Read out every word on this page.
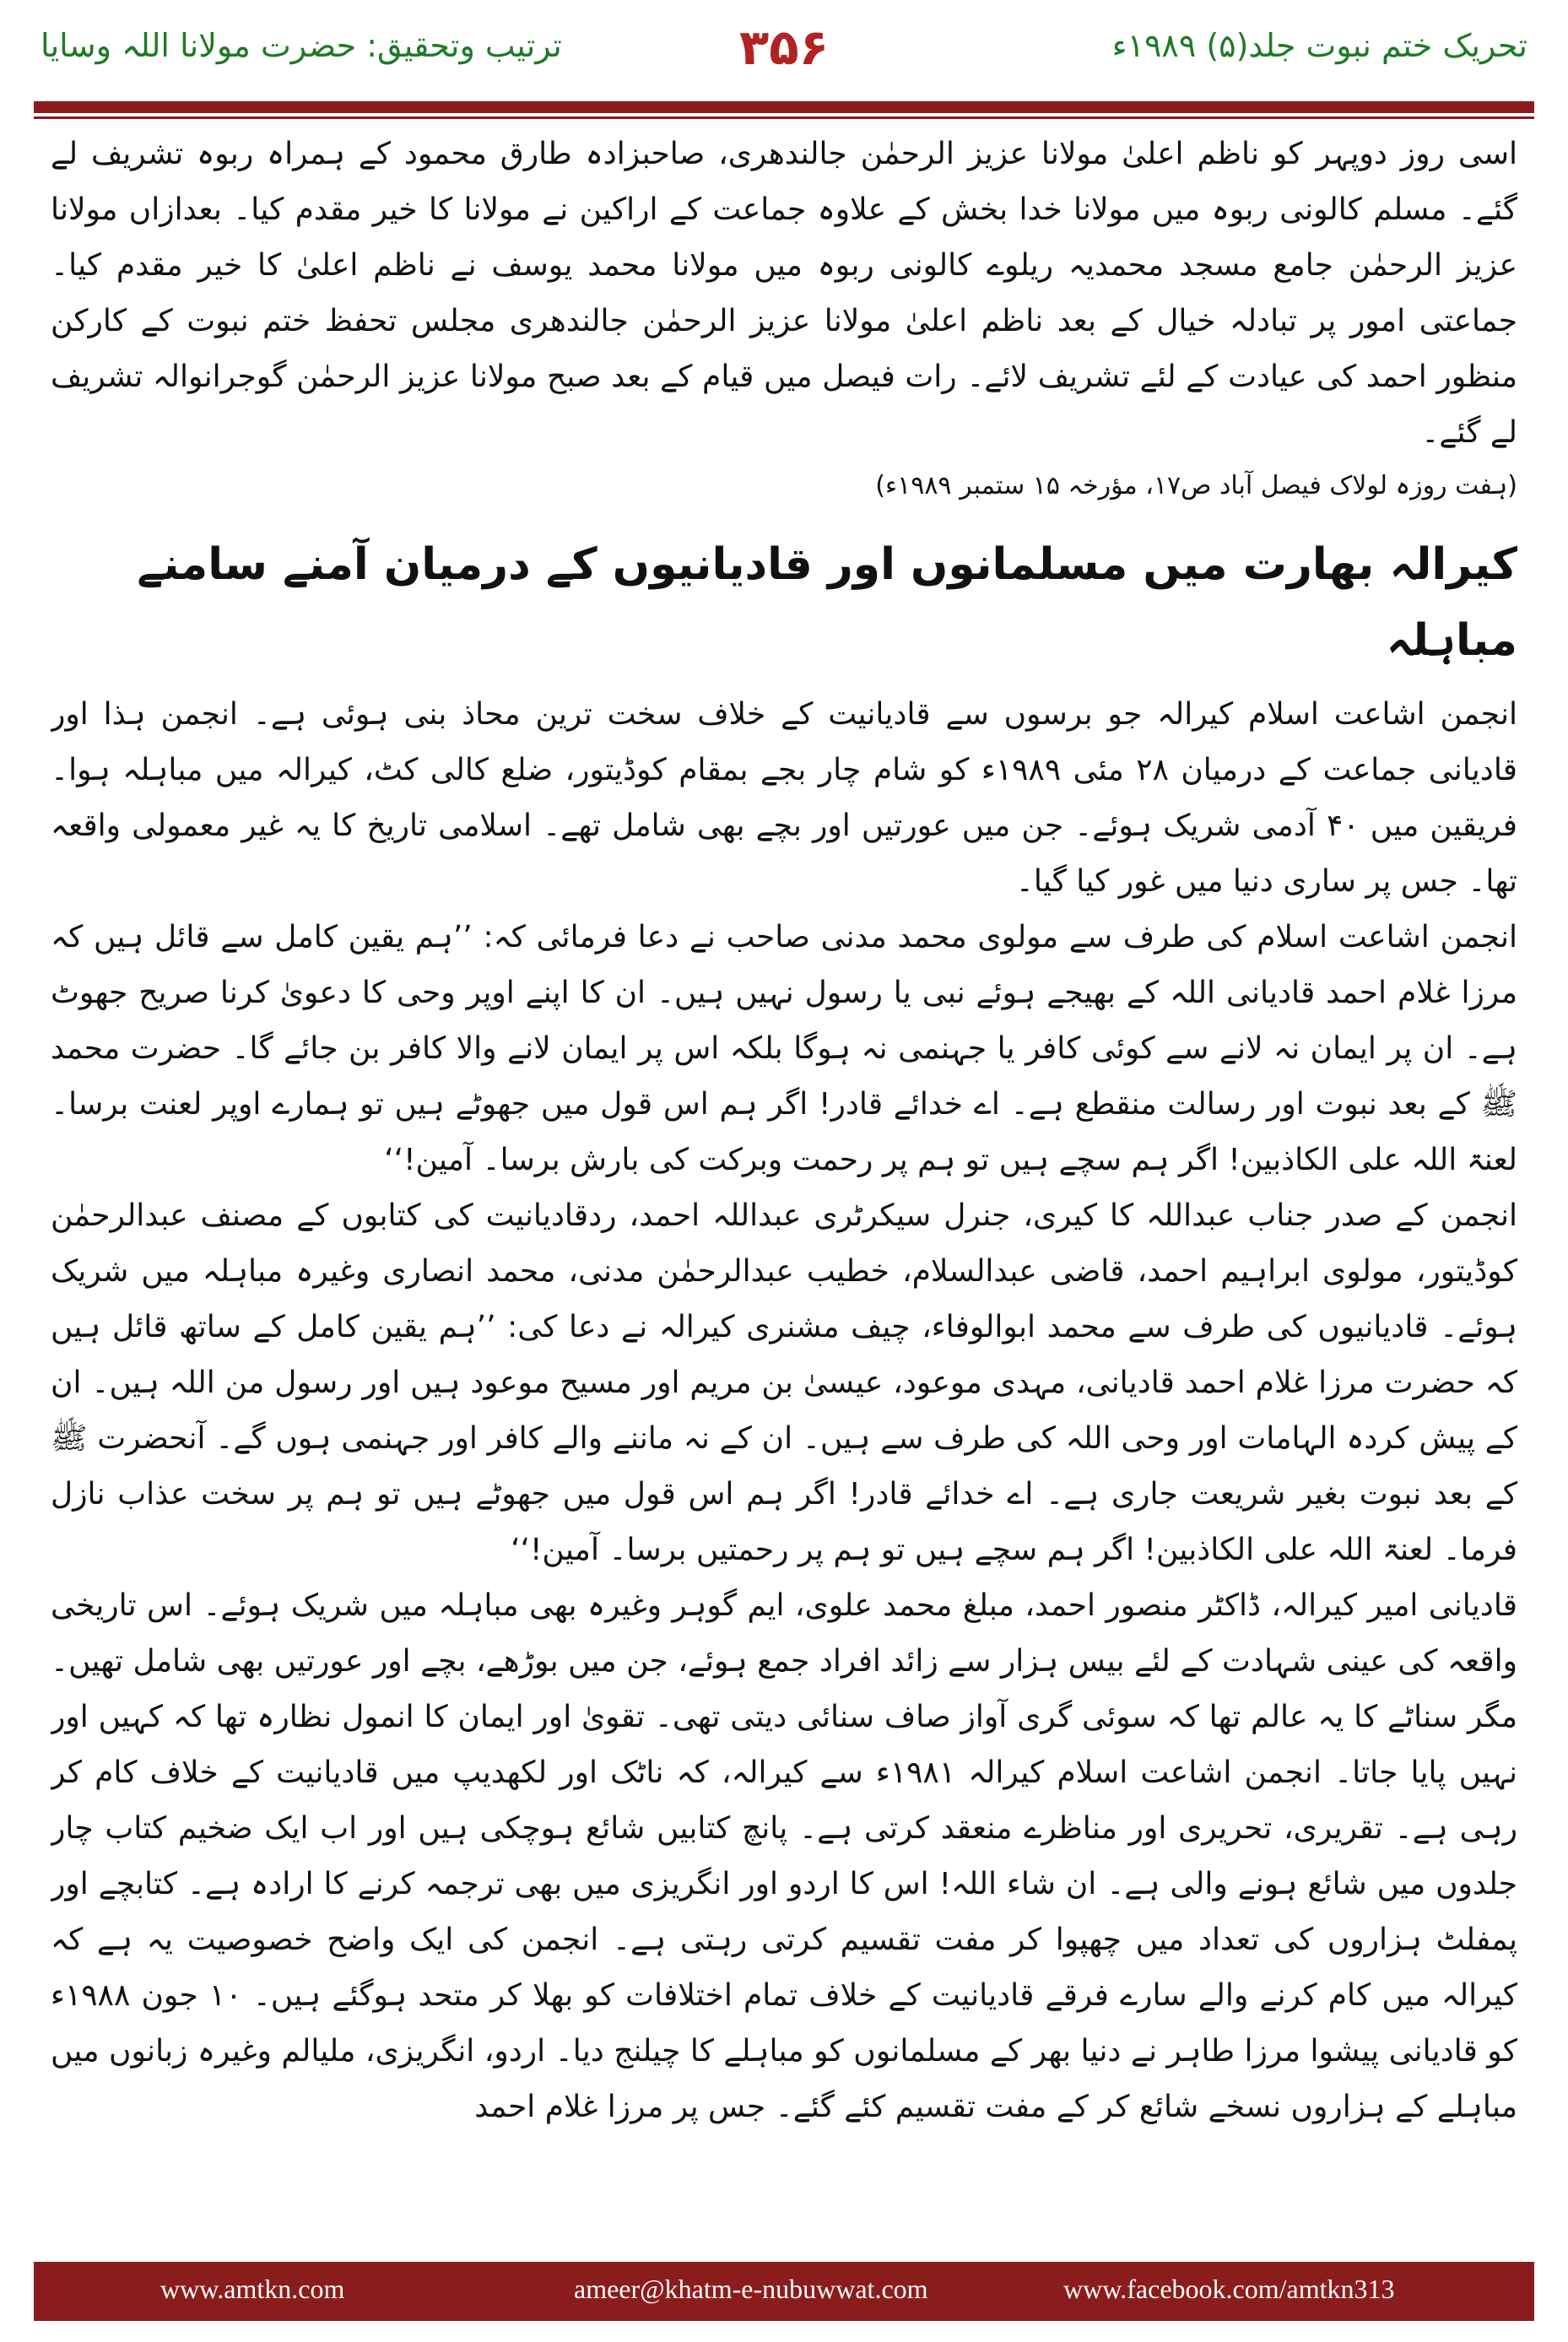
ترتیب وتحقیق: حضرت مولانا اللہ وسایا	۳۵۶	تحریک ختم نبوت جلد(۵) ۱۹۸۹ء

اسی روز دوپہر کو ناظم اعلیٰ مولانا عزیز الرحمٰن جالندھری، صاحبزادہ طارق محمود کے ہمراہ ربوہ تشریف لے گئے۔ مسلم کالونی ربوہ میں مولانا خدا بخش کے علاوہ جماعت کے اراکین نے مولانا کا خیر مقدم کیا۔ بعدازاں مولانا عزیز الرحمٰن جامع مسجد محمدیہ ریلوے کالونی ربوہ میں مولانا محمد یوسف نے ناظم اعلیٰ کا خیر مقدم کیا۔ جماعتی امور پر تبادلہ خیال کے بعد ناظم اعلیٰ مولانا عزیز الرحمٰن جالندھری مجلس تحفظ ختم نبوت کے کارکن منظور احمد کی عیادت کے لئے تشریف لائے۔ رات فیصل میں قیام کے بعد صبح مولانا عزیز الرحمٰن گوجرانوالہ تشریف لے گئے۔

(ہفت روزہ لولاک فیصل آباد ص۱۷، مؤرخہ ۱۵ ستمبر ۱۹۸۹ء)

کیرالہ بھارت میں مسلمانوں اور قادیانیوں کے درمیان آمنے سامنے مباہلہ

انجمن اشاعت اسلام کیرالہ جو برسوں سے قادیانیت کے خلاف سخت ترین محاذ بنی ہوئی ہے۔ انجمن ہذا اور قادیانی جماعت کے درمیان ۲۸ مئی ۱۹۸۹ء کو شام چار بجے بمقام کوڈیتور، ضلع کالی کٹ، کیرالہ میں مباہلہ ہوا۔ فریقین میں ۴۰ آدمی شریک ہوئے۔ جن میں عورتیں اور بچے بھی شامل تھے۔ اسلامی تاریخ کا یہ غیر معمولی واقعہ تھا۔ جس پر ساری دنیا میں غور کیا گیا۔

انجمن اشاعت اسلام کی طرف سے مولوی محمد مدنی صاحب نے دعا فرمائی کہ: ’’ہم یقین کامل سے قائل ہیں کہ مرزا غلام احمد قادیانی اللہ کے بھیجے ہوئے نبی یا رسول نہیں ہیں۔ ان کا اپنے اوپر وحی کا دعویٰ کرنا صریح جھوٹ ہے۔ ان پر ایمان نہ لانے سے کوئی کافر یا جہنمی نہ ہوگا بلکہ اس پر ایمان لانے والا کافر بن جائے گا۔ حضرت محمد ﷺ کے بعد نبوت اور رسالت منقطع ہے۔ اے خدائے قادر! اگر ہم اس قول میں جھوٹے ہیں تو ہمارے اوپر لعنت برسا۔ لعنۃ اللہ علی الکاذبین! اگر ہم سچے ہیں تو ہم پر رحمت وبرکت کی بارش برسا۔ آمین!‘‘

انجمن کے صدر جناب عبداللہ کا کیری، جنرل سیکرٹری عبداللہ احمد، ردقادیانیت کی کتابوں کے مصنف عبدالرحمٰن کوڈیتور، مولوی ابراہیم احمد، قاضی عبدالسلام، خطیب عبدالرحمٰن مدنی، محمد انصاری وغیرہ مباہلہ میں شریک ہوئے۔ قادیانیوں کی طرف سے محمد ابوالوفاء، چیف مشنری کیرالہ نے دعا کی: ’’ہم یقین کامل کے ساتھ قائل ہیں کہ حضرت مرزا غلام احمد قادیانی، مہدی موعود، عیسیٰ بن مریم اور مسیح موعود ہیں اور رسول من اللہ ہیں۔ ان کے پیش کردہ الہامات اور وحی اللہ کی طرف سے ہیں۔ ان کے نہ ماننے والے کافر اور جہنمی ہوں گے۔ آنحضرت ﷺ کے بعد نبوت بغیر شریعت جاری ہے۔ اے خدائے قادر! اگر ہم اس قول میں جھوٹے ہیں تو ہم پر سخت عذاب نازل فرما۔ لعنۃ اللہ علی الکاذبین! اگر ہم سچے ہیں تو ہم پر رحمتیں برسا۔ آمین!‘‘

قادیانی امیر کیرالہ، ڈاکٹر منصور احمد، مبلغ محمد علوی، ایم گوہر وغیرہ بھی مباہلہ میں شریک ہوئے۔ اس تاریخی واقعہ کی عینی شہادت کے لئے بیس ہزار سے زائد افراد جمع ہوئے، جن میں بوڑھے، بچے اور عورتیں بھی شامل تھیں۔ مگر سناٹے کا یہ عالم تھا کہ سوئی گری آواز صاف سنائی دیتی تھی۔ تقویٰ اور ایمان کا انمول نظارہ تھا کہ کہیں اور نہیں پایا جاتا۔ انجمن اشاعت اسلام کیرالہ ۱۹۸۱ء سے کیرالہ، کہ ناٹک اور لکھدیپ میں قادیانیت کے خلاف کام کر رہی ہے۔ تقریری، تحریری اور مناظرے منعقد کرتی ہے۔ پانچ کتابیں شائع ہوچکی ہیں اور اب ایک ضخیم کتاب چار جلدوں میں شائع ہونے والی ہے۔ ان شاء اللہ! اس کا اردو اور انگریزی میں بھی ترجمہ کرنے کا ارادہ ہے۔ کتابچے اور پمفلٹ ہزاروں کی تعداد میں چھپوا کر مفت تقسیم کرتی رہتی ہے۔ انجمن کی ایک واضح خصوصیت یہ ہے کہ کیرالہ میں کام کرنے والے سارے فرقے قادیانیت کے خلاف تمام اختلافات کو بھلا کر متحد ہوگئے ہیں۔ ۱۰ جون ۱۹۸۸ء کو قادیانی پیشوا مرزا طاہر نے دنیا بھر کے مسلمانوں کو مباہلے کا چیلنج دیا۔ اردو، انگریزی، ملیالم وغیرہ زبانوں میں مباہلے کے ہزاروں نسخے شائع کر کے مفت تقسیم کئے گئے۔ جس پر مرزا غلام احمد

www.amtkn.com	ameer@khatm-e-nubuwwat.com	www.facebook.com/amtkn313
